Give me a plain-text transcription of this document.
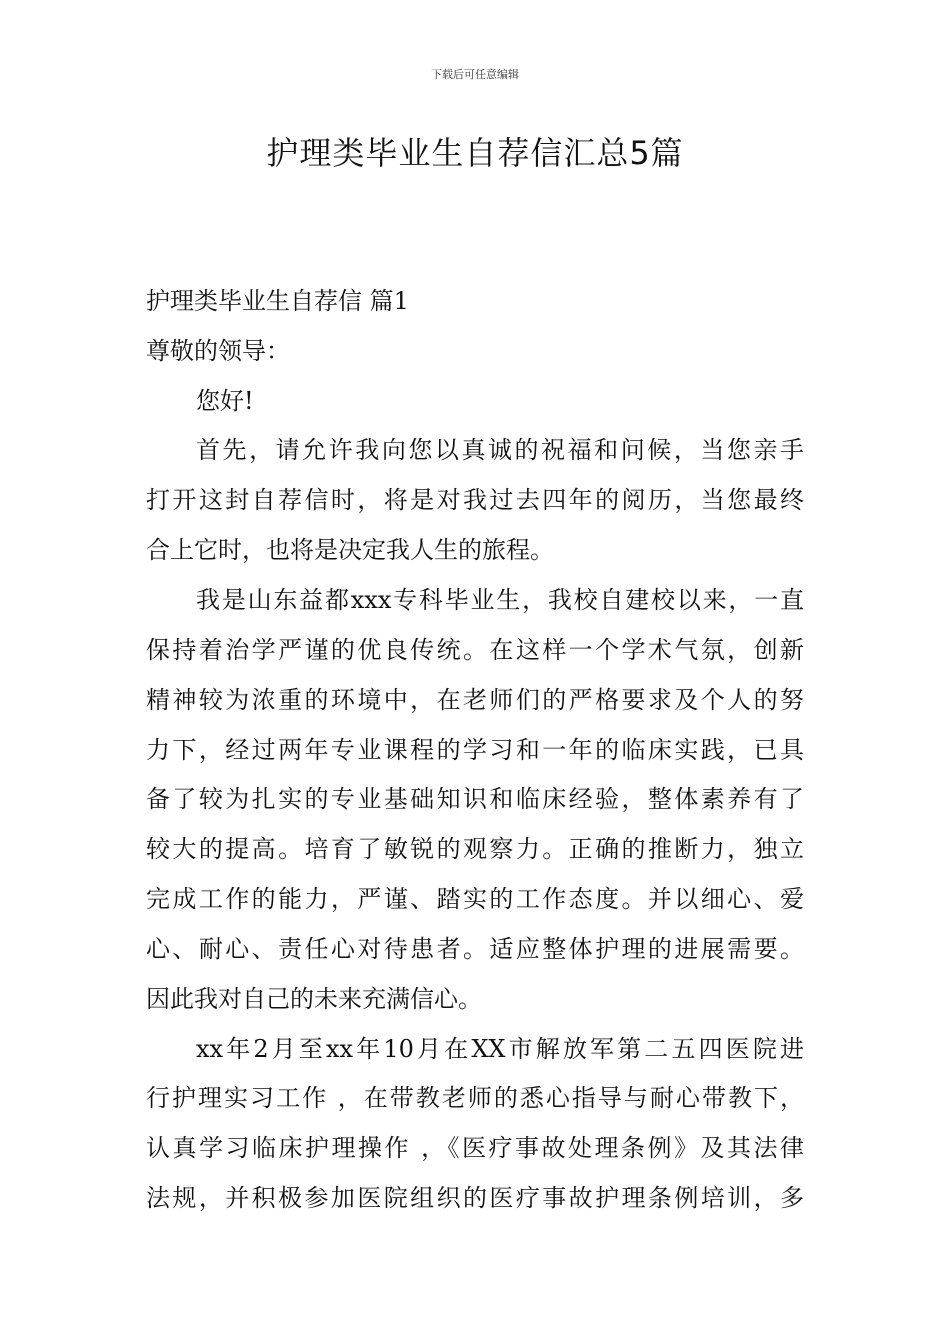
下载后可任意编辑
护理类毕业生自荐信汇总5篇
护理类毕业生自荐信 篇1
尊敬的领导：
您好!
首先，请允许我向您以真诚的祝福和问候，当您亲手
打开这封自荐信时，将是对我过去四年的阅历，当您最终
合上它时，也将是决定我人生的旅程。
我是山东益都xxx专科毕业生，我校自建校以来，一直
保持着治学严谨的优良传统。在这样一个学术气氛，创新
精神较为浓重的环境中，在老师们的严格要求及个人的努
力下，经过两年专业课程的学习和一年的临床实践，已具
备了较为扎实的专业基础知识和临床经验，整体素养有了
较大的提高。培育了敏锐的观察力。正确的推断力，独立
完成工作的能力，严谨、踏实的工作态度。并以细心、爱
心、耐心、责任心对待患者。适应整体护理的进展需要。
因此我对自己的未来充满信心。
xx年2月至xx年10月在XX市解放军第二五四医院进
行护理实习工作 ，在带教老师的悉心指导与耐心带教下，
认真学习临床护理操作 ，《医疗事故处理条例》及其法律
法规，并积极参加医院组织的医疗事故护理条例培训，多
